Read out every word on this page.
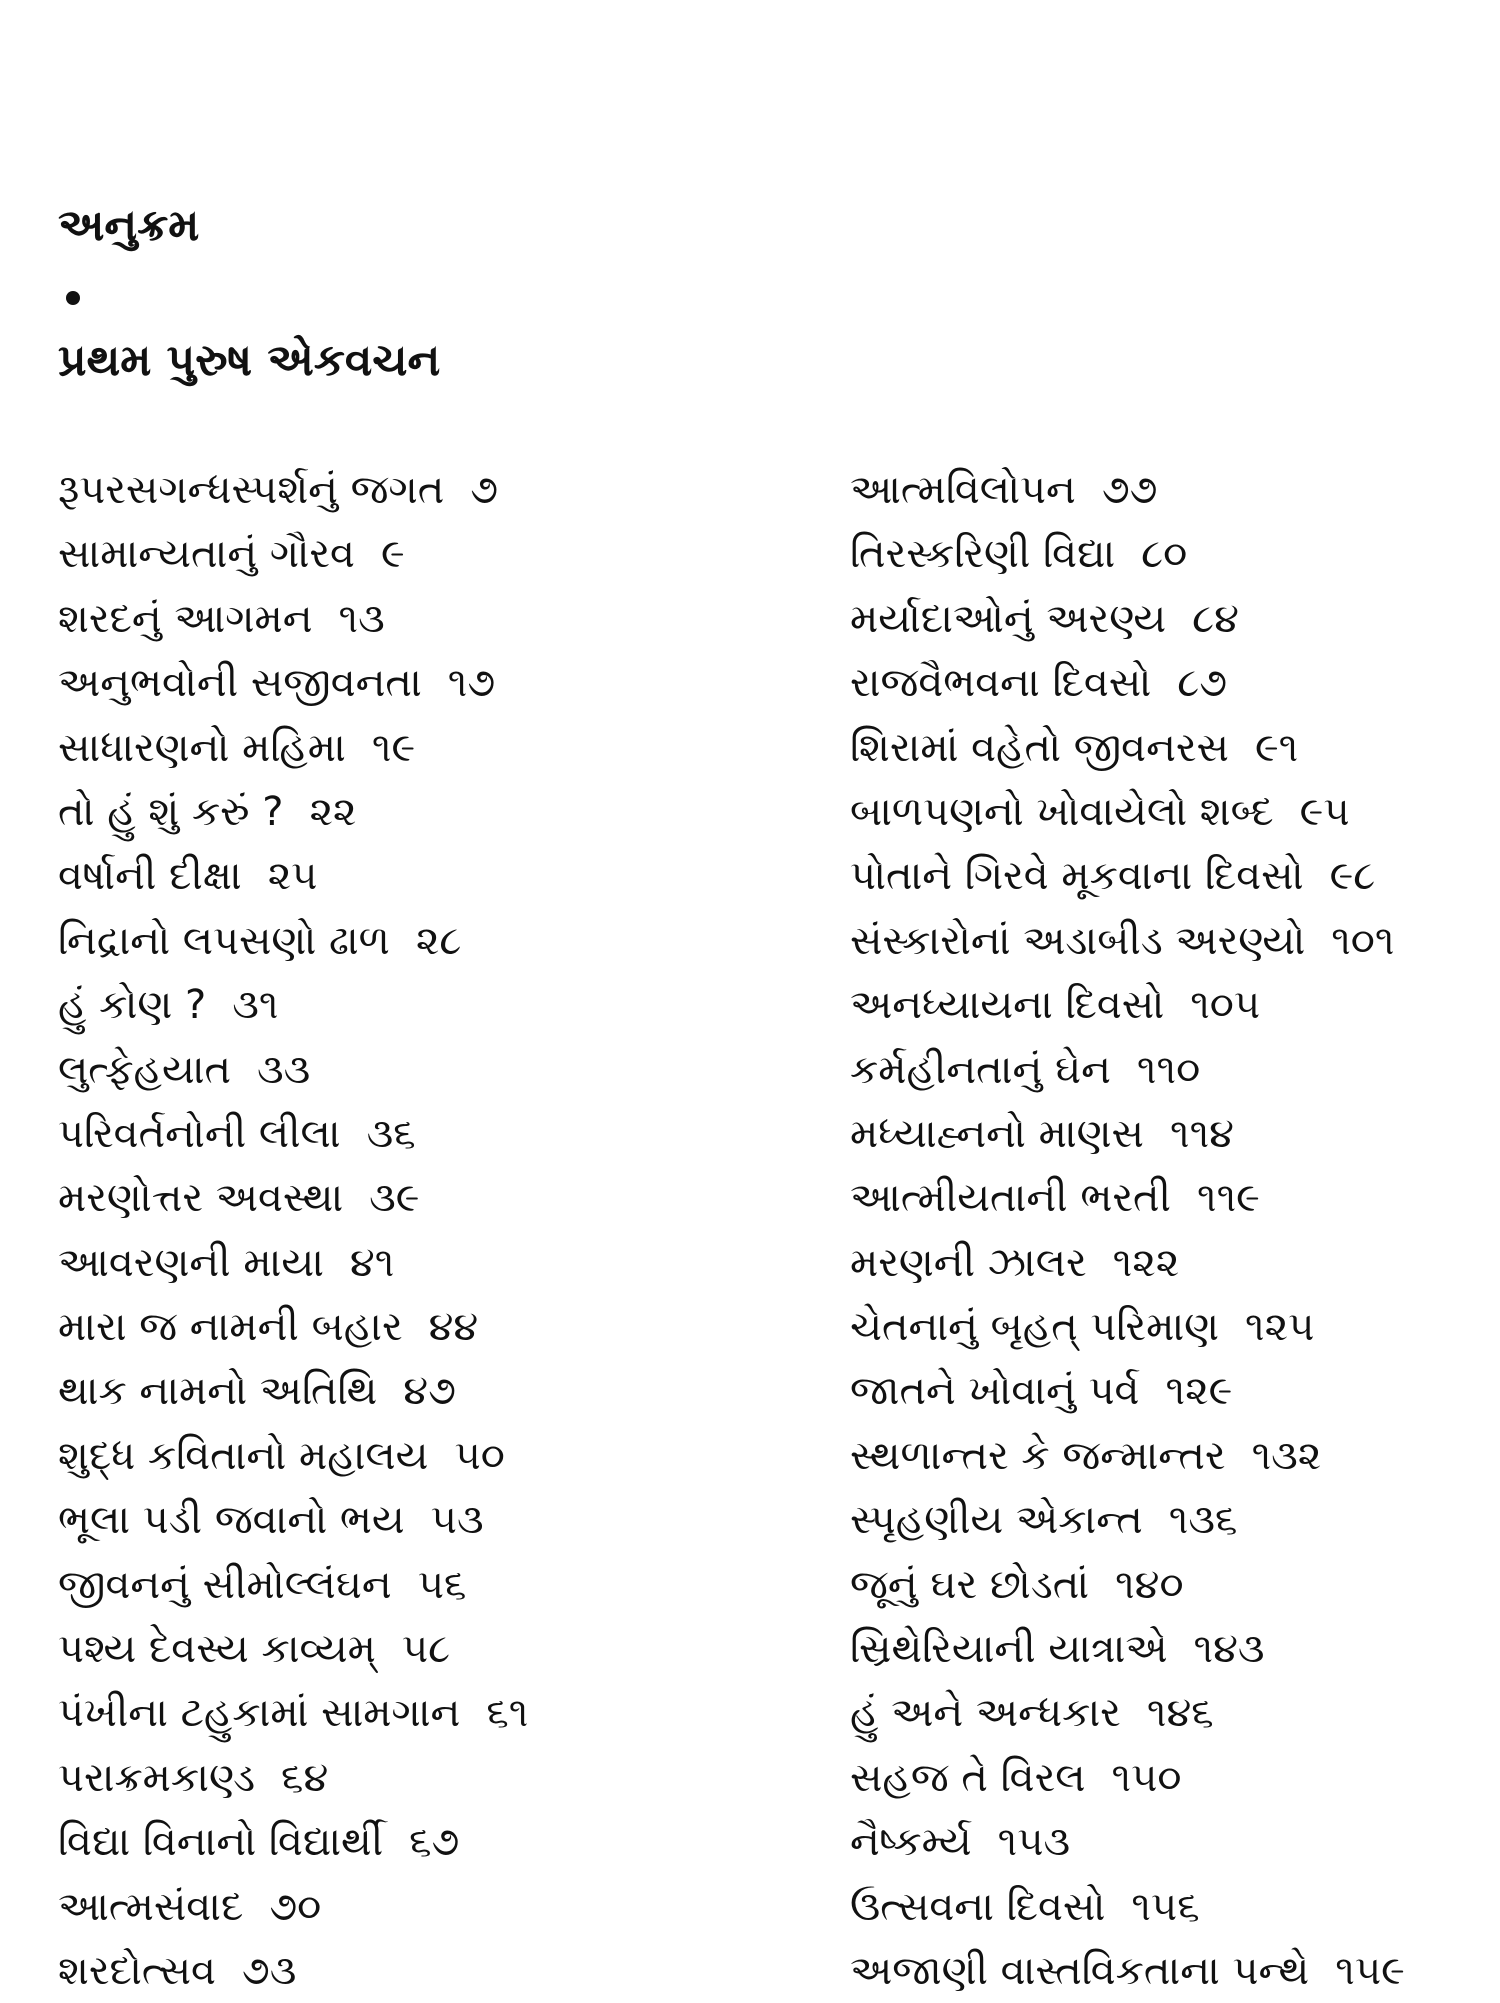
અનુક્રમ
પ્રથમ પુરુષ એકવચન
રૂપરસગન્ધસ્પર્શનું જગત ૭
સામાન્યતાનું ગૌરવ ૯
શરદનું આગમન ૧૩
અનુભવોની સજીવનતા ૧૭
સાધારણનો મહિમા ૧૯
તો હું શું કરું ? ૨૨
વર્ષાની દીક્ષા ૨૫
નિદ્રાનો લપસણો ઢાળ ૨૮
હું કોણ ? ૩૧
લુત્ફેહયાત ૩૩
પરિવર્તનોની લીલા ૩૬
મરણોત્તર અવસ્થા ૩૯
આવરણની માયા ૪૧
મારા જ નામની બહાર ૪૪
થાક નામનો અતિથિ ૪૭
શુદ્ધ કવિતાનો મહાલય ૫૦
ભૂલા પડી જવાનો ભય ૫૩
જીવનનું સીમોલ્લંઘન ૫૬
પશ્ય દેવસ્ય કાવ્યમ્ ૫૮
પંખીના ટહુકામાં સામગાન ૬૧
પરાક્રમકાણ્ડ ૬૪
વિદ્યા વિનાનો વિદ્યાર્થી ૬૭
આત્મસંવાદ ૭૦
શરદોત્સવ ૭૩
આત્મવિલોપન ૭૭
તિરસ્કરિણી વિદ્યા ૮૦
મર્યાદાઓનું અરણ્ય ૮૪
રાજવૈભવના દિવસો ૮૭
શિરામાં વહેતો જીવનરસ ૯૧
બાળપણનો ખોવાયેલો શબ્દ ૯૫
પોતાને ગિરવે મૂકવાના દિવસો ૯૮
સંસ્કારોનાં અડાબીડ અરણ્યો ૧૦૧
અનધ્યાયના દિવસો ૧૦૫
કર્મહીનતાનું ઘેન ૧૧૦
મધ્યાહ્નનો માણસ ૧૧૪
આત્મીયતાની ભરતી ૧૧૯
મરણની ઝાલર ૧૨૨
ચેતનાનું બૃહત્ પરિમાણ ૧૨૫
જાતને ખોવાનું પર્વ ૧૨૯
સ્થળાન્તર કે જન્માન્તર ૧૩૨
સ્પૃહણીય એકાન્ત ૧૩૬
જૂનું ઘર છોડતાં ૧૪૦
સ્રિથેરિયાની યાત્રાએ ૧૪૩
હું અને અન્ધકાર ૧૪૬
સહજ તે વિરલ ૧૫૦
નૈષ્કર્મ્ય ૧૫૩
ઉત્સવના દિવસો ૧૫૬
અજાણી વાસ્તવિકતાના પન્થે ૧૫૯
